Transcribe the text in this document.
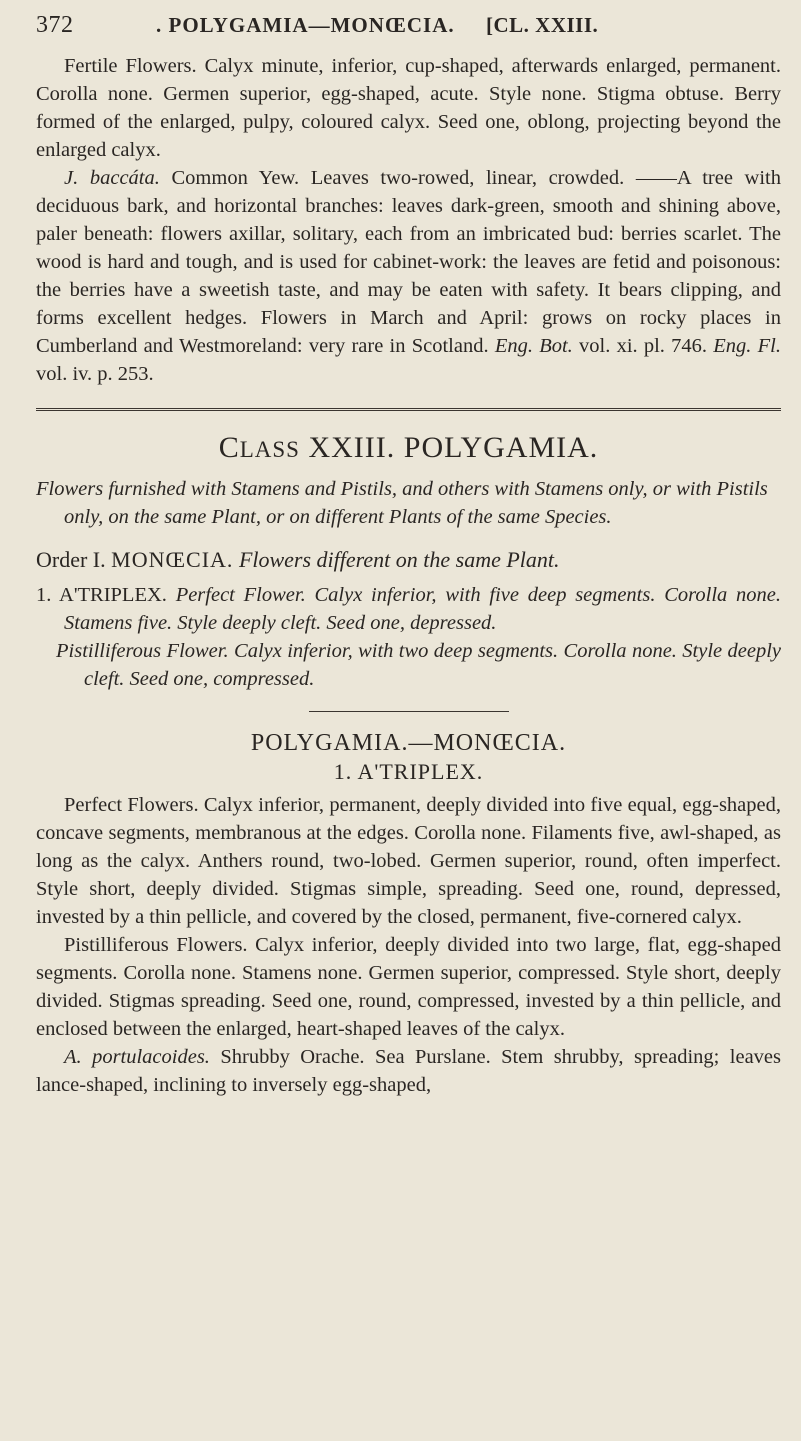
372	. POLYGAMIA—MONŒCIA.	[CL. XXIII.

Fertile Flowers. Calyx minute, inferior, cup-shaped, afterwards enlarged, permanent. Corolla none. Germen superior, egg-shaped, acute. Style none. Stigma obtuse. Berry formed of the enlarged, pulpy, coloured calyx. Seed one, oblong, projecting beyond the enlarged calyx.

J. baccáta. Common Yew. Leaves two-rowed, linear, crowded. ——A tree with deciduous bark, and horizontal branches: leaves dark-green, smooth and shining above, paler beneath: flowers axillar, solitary, each from an imbricated bud: berries scarlet. The wood is hard and tough, and is used for cabinet-work: the leaves are fetid and poisonous: the berries have a sweetish taste, and may be eaten with safety. It bears clipping, and forms excellent hedges. Flowers in March and April: grows on rocky places in Cumberland and Westmoreland: very rare in Scotland. Eng. Bot. vol. xi. pl. 746. Eng. Fl. vol. iv. p. 253.

CLASS XXIII. POLYGAMIA.

Flowers furnished with Stamens and Pistils, and others with Stamens only, or with Pistils only, on the same Plant, or on different Plants of the same Species.

Order I. MONŒCIA. Flowers different on the same Plant.

1. A'TRIPLEX. Perfect Flower. Calyx inferior, with five deep segments. Corolla none. Stamens five. Style deeply cleft. Seed one, depressed.

Pistilliferous Flower. Calyx inferior, with two deep segments. Corolla none. Style deeply cleft. Seed one, compressed.

POLYGAMIA.—MONŒCIA.
1. A'TRIPLEX.

Perfect Flowers. Calyx inferior, permanent, deeply divided into five equal, egg-shaped, concave segments, membranous at the edges. Corolla none. Filaments five, awl-shaped, as long as the calyx. Anthers round, two-lobed. Germen superior, round, often imperfect. Style short, deeply divided. Stigmas simple, spreading. Seed one, round, depressed, invested by a thin pellicle, and covered by the closed, permanent, five-cornered calyx.

Pistilliferous Flowers. Calyx inferior, deeply divided into two large, flat, egg-shaped segments. Corolla none. Stamens none. Germen superior, compressed. Style short, deeply divided. Stigmas spreading. Seed one, round, compressed, invested by a thin pellicle, and enclosed between the enlarged, heart-shaped leaves of the calyx.

A. portulacoides. Shrubby Orache. Sea Purslane. Stem shrubby, spreading; leaves lance-shaped, inclining to inversely egg-shaped,
